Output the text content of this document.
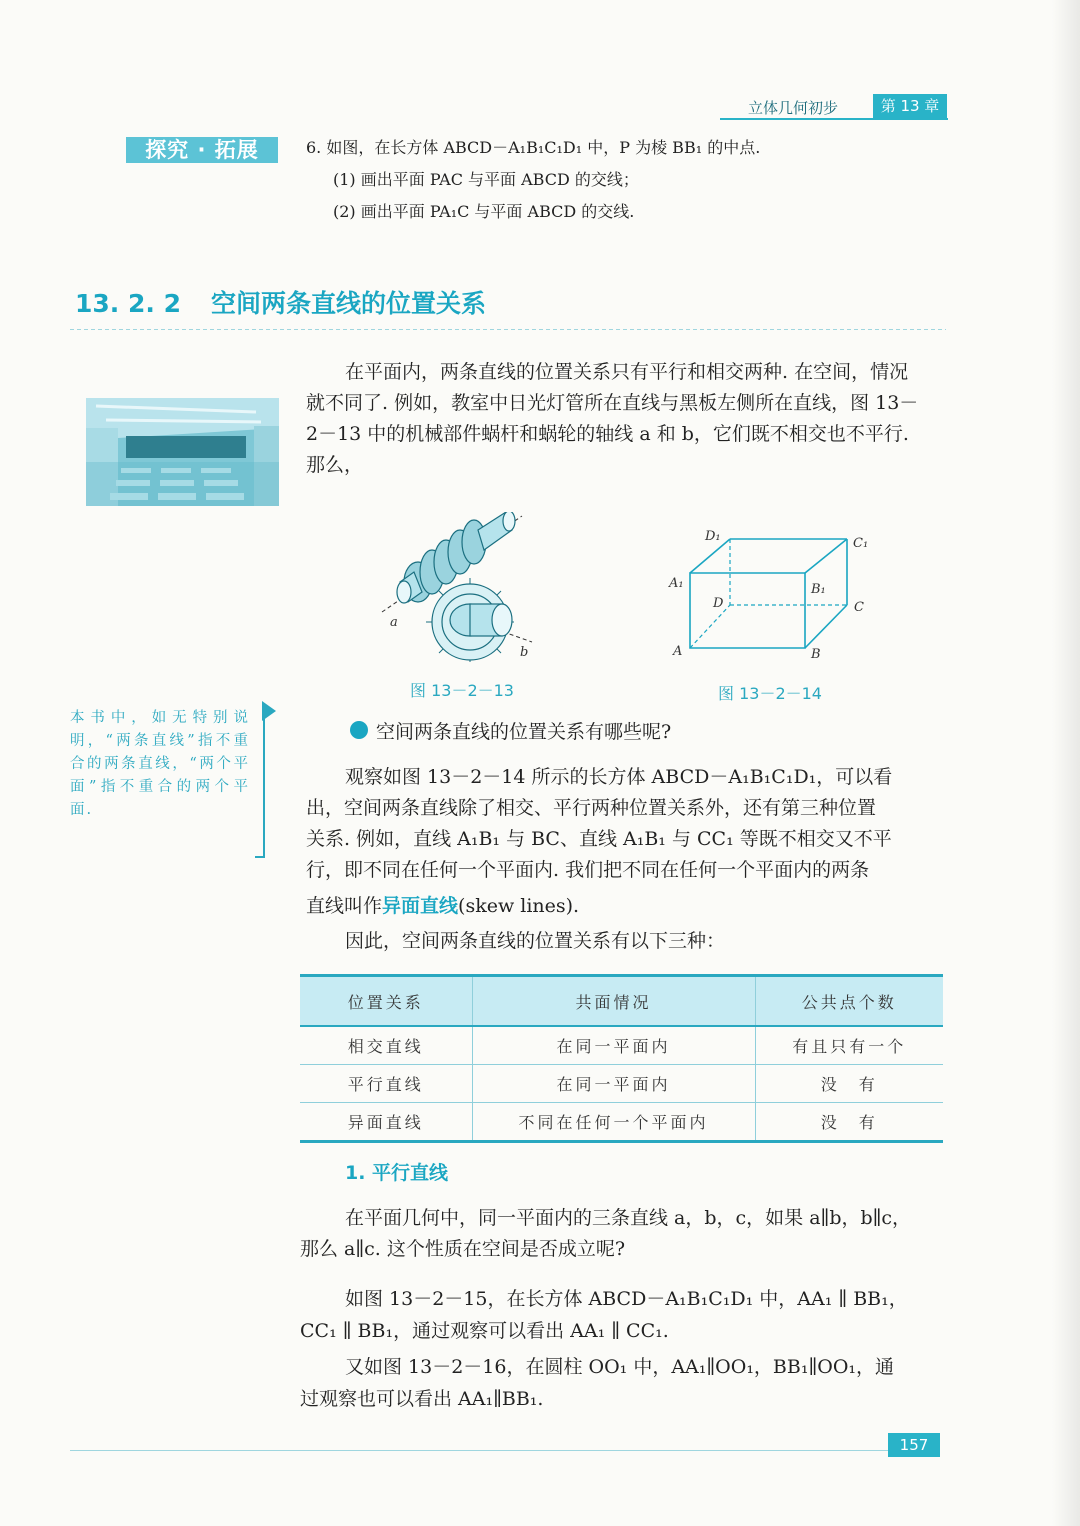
立体几何初步	第 13 章
探究 · 拓展	6. 如图，在长方体 ABCD－A₁B₁C₁D₁ 中，P 为棱 BB₁ 的中点.
(1) 画出平面 PAC 与平面 ABCD 的交线；
(2) 画出平面 PA₁C 与平面 ABCD 的交线.
13. 2. 2 空间两条直线的位置关系
在平面内，两条直线的位置关系只有平行和相交两种. 在空间，情况
就不同了. 例如，教室中日光灯管所在直线与黑板左侧所在直线，图 13－
2－13 中的机械部件蜗杆和蜗轮的轴线 a 和 b，它们既不相交也不平行.
那么，
a
b
图 13－2－13
D₁	C₁
A₁	B₁
D	C
A	B
图 13－2－14
本书中，如无特别说明，“两条直线”指不重合的两条直线，“两个平面”指不重合的两个平面.
空间两条直线的位置关系有哪些呢?
观察如图 13－2－14 所示的长方体 ABCD－A₁B₁C₁D₁，可以看
出，空间两条直线除了相交、平行两种位置关系外，还有第三种位置
关系. 例如，直线 A₁B₁ 与 BC、直线 A₁B₁ 与 CC₁ 等既不相交又不平
行，即不同在任何一个平面内. 我们把不同在任何一个平面内的两条
直线叫作异面直线(skew lines).
因此，空间两条直线的位置关系有以下三种：
位置关系	共面情况	公共点个数
相交直线	在同一平面内	有且只有一个
平行直线	在同一平面内	没　有
异面直线	不同在任何一个平面内	没　有
1. 平行直线
在平面几何中，同一平面内的三条直线 a，b，c，如果 a∥b，b∥c，
那么 a∥c. 这个性质在空间是否成立呢?
如图 13－2－15，在长方体 ABCD－A₁B₁C₁D₁ 中，AA₁ ∥ BB₁，
CC₁ ∥ BB₁，通过观察可以看出 AA₁ ∥ CC₁.
又如图 13－2－16，在圆柱 OO₁ 中，AA₁∥OO₁，BB₁∥OO₁，通
过观察也可以看出 AA₁∥BB₁.
157
